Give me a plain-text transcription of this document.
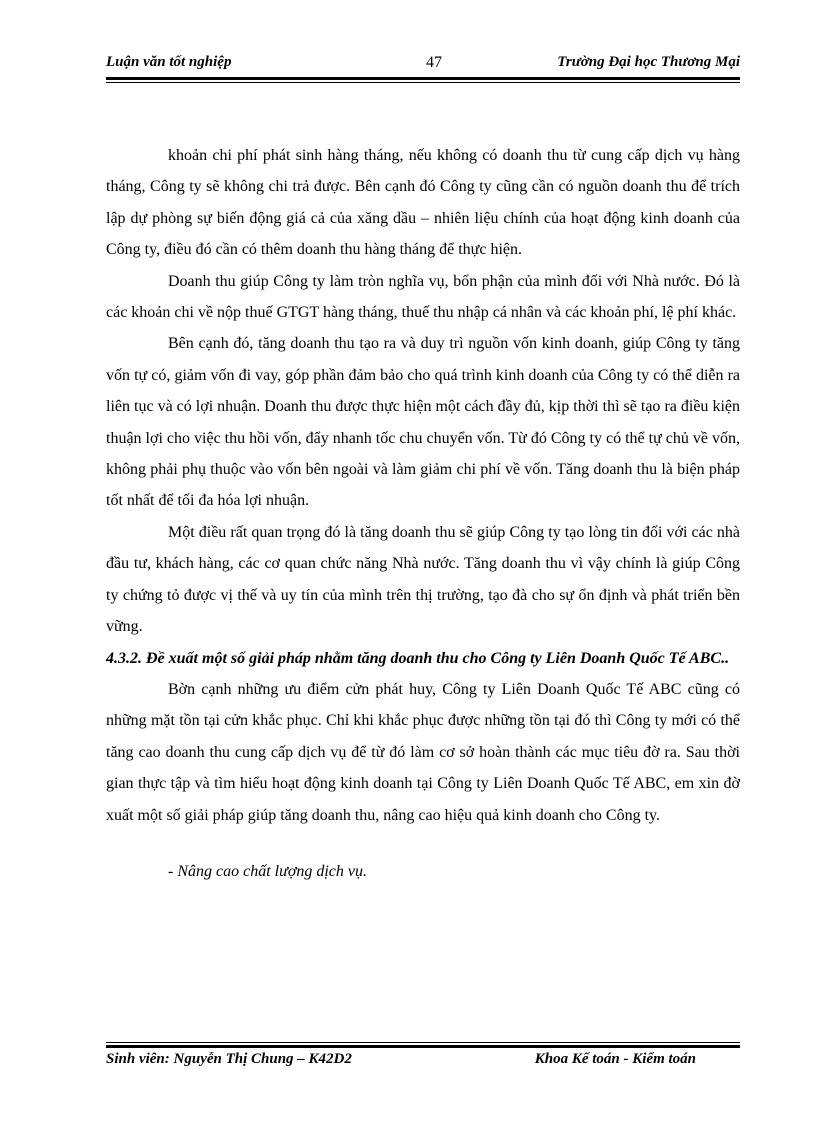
Luận văn tốt nghiệp	47	Trường Đại học Thương Mại

khoản chi phí phát sinh hàng tháng, nếu không có doanh thu từ cung cấp dịch vụ hàng tháng, Công ty sẽ không chi trả được. Bên cạnh đó Công ty cũng cần có nguồn doanh thu để trích lập dự phòng sự biến động giá cả của xăng dầu – nhiên liệu chính của hoạt động kinh doanh của Công ty, điều đó cần có thêm doanh thu hàng tháng để thực hiện.

Doanh thu giúp Công ty làm tròn nghĩa vụ, bổn phận của mình đối với Nhà nước. Đó là các khoản chi về nộp thuế GTGT hàng tháng, thuế thu nhập cá nhân và các khoản phí, lệ phí khác.

Bên cạnh đó, tăng doanh thu tạo ra và duy trì nguồn vốn kinh doanh, giúp Công ty tăng vốn tự có, giảm vốn đi vay, góp phần đảm bảo cho quá trình kinh doanh của Công ty có thể diễn ra liên tục và có lợi nhuận. Doanh thu được thực hiện một cách đầy đủ, kịp thời thì sẽ tạo ra điều kiện thuận lợi cho việc thu hồi vốn, đẩy nhanh tốc chu chuyển vốn. Từ đó Công ty có thể tự chủ về vốn, không phải phụ thuộc vào vốn bên ngoài và làm giảm chi phí về vốn. Tăng doanh thu là biện pháp tốt nhất để tối đa hóa lợi nhuận.

Một điều rất quan trọng đó là tăng doanh thu sẽ giúp Công ty tạo lòng tin đối với các nhà đầu tư, khách hàng, các cơ quan chức năng Nhà nước. Tăng doanh thu vì vậy chính là giúp Công ty chứng tỏ được vị thế và uy tín của mình trên thị trường, tạo đà cho sự ổn định và phát triển bền vững.

4.3.2. Đề xuất một số giải pháp nhằm tăng doanh thu cho Công ty Liên Doanh Quốc Tế ABC..

Bờn cạnh những ưu điểm cửn phát huy, Công ty Liên Doanh Quốc Tế ABC cũng có những mặt tồn tại cửn khắc phục. Chỉ khi khắc phục được những tồn tại đó thì Công ty mới có thể tăng cao doanh thu cung cấp dịch vụ để từ đó làm cơ sở hoàn thành các mục tiêu đờ ra. Sau thời gian thực tập và tìm hiểu hoạt động kinh doanh tại Công ty Liên Doanh Quốc Tế ABC, em xin đờ xuất một số giải pháp giúp tăng doanh thu, nâng cao hiệu quả kinh doanh cho Công ty.

- Nâng cao chất lượng dịch vụ.
Sinh viên: Nguyễn Thị Chung – K42D2	Khoa Kế toán - Kiểm toán
